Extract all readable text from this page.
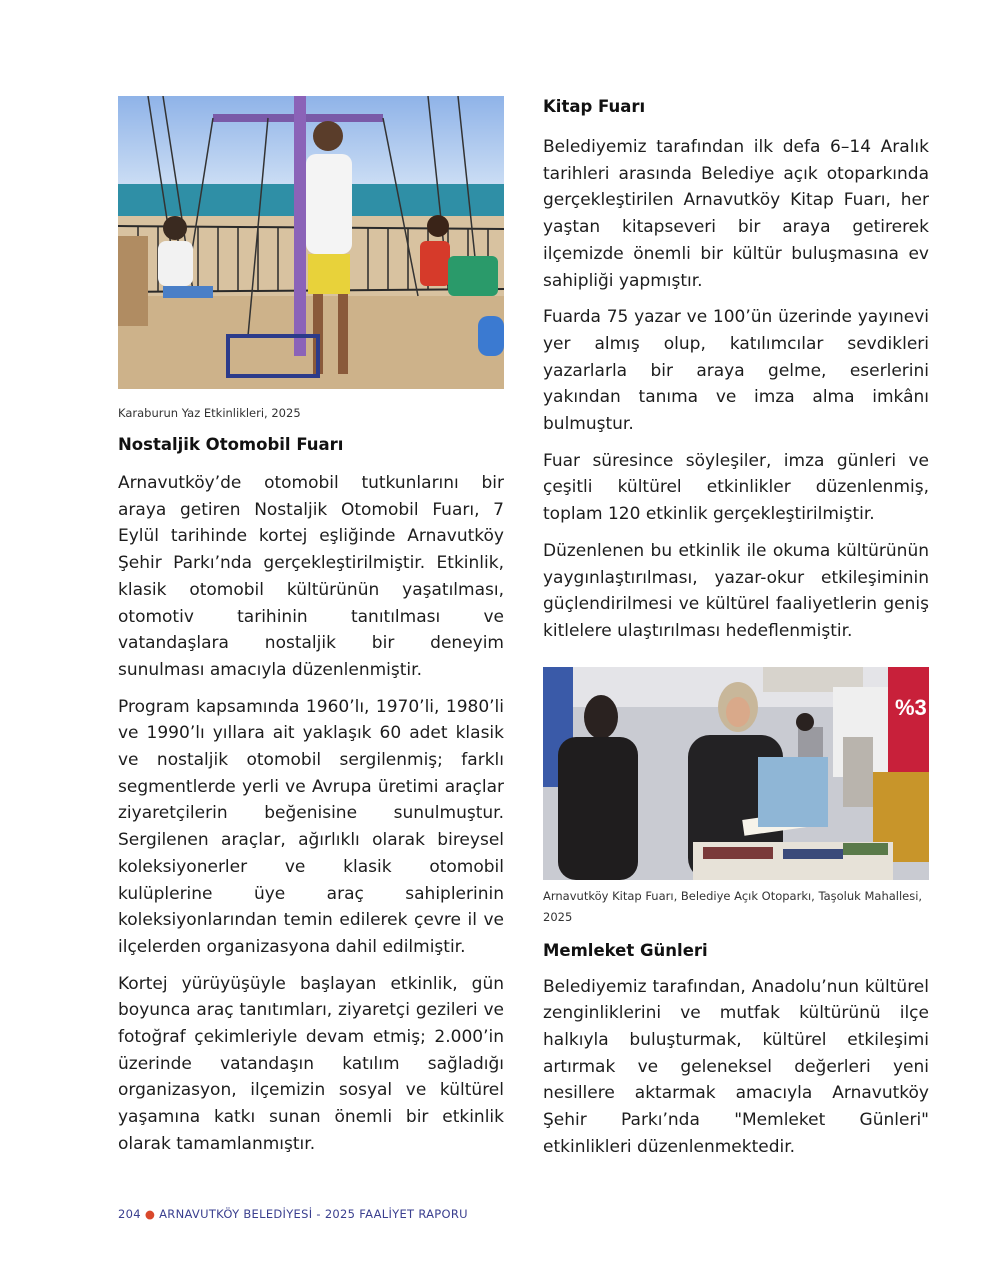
Karaburun Yaz Etkinlikleri, 2025
Nostaljik Otomobil Fuarı

Arnavutköy’de otomobil tutkunlarını bir araya getiren Nostaljik Otomobil Fuarı, 7 Eylül tarihinde kortej eşliğinde Arnavutköy Şehir Parkı’nda gerçekleştirilmiştir. Etkinlik, klasik otomobil kültürünün yaşatılması, otomotiv tarihinin tanıtılması ve vatandaşlara nostaljik bir deneyim sunulması amacıyla düzenlenmiştir.

Program kapsamında 1960’lı, 1970’li, 1980’li ve 1990’lı yıllara ait yaklaşık 60 adet klasik ve nostaljik otomobil sergilenmiş; farklı segmentlerde yerli ve Avrupa üretimi araçlar ziyaretçilerin beğenisine sunulmuştur. Sergilenen araçlar, ağırlıklı olarak bireysel koleksiyonerler ve klasik otomobil kulüplerine üye araç sahiplerinin koleksiyonlarından temin edilerek çevre il ve ilçelerden organizasyona dahil edilmiştir.

Kortej yürüyüşüyle başlayan etkinlik, gün boyunca araç tanıtımları, ziyaretçi gezileri ve fotoğraf çekimleriyle devam etmiş; 2.000’in üzerinde vatandaşın katılım sağladığı organizasyon, ilçemizin sosyal ve kültürel yaşamına katkı sunan önemli bir etkinlik olarak tamamlanmıştır.

Kitap Fuarı

Belediyemiz tarafından ilk defa 6–14 Aralık tarihleri arasında Belediye açık otoparkında gerçekleştirilen Arnavutköy Kitap Fuarı, her yaştan kitapseveri bir araya getirerek ilçemizde önemli bir kültür buluşmasına ev sahipliği yapmıştır.

Fuarda 75 yazar ve 100’ün üzerinde yayınevi yer almış olup, katılımcılar sevdikleri yazarlarla bir araya gelme, eserlerini yakından tanıma ve imza alma imkânı bulmuştur.

Fuar süresince söyleşiler, imza günleri ve çeşitli kültürel etkinlikler düzenlenmiş, toplam 120 etkinlik gerçekleştirilmiştir.

Düzenlenen bu etkinlik ile okuma kültürünün yaygınlaştırılması, yazar-okur etkileşiminin güçlendirilmesi ve kültürel faaliyetlerin geniş kitlelere ulaştırılması hedeflenmiştir.

%3
Arnavutköy Kitap Fuarı, Belediye Açık Otoparkı, Taşoluk Mahallesi, 2025
Memleket Günleri

Belediyemiz tarafından, Anadolu’nun kültürel zenginliklerini ve mutfak kültürünü ilçe halkıyla buluşturmak, kültürel etkileşimi artırmak ve geleneksel değerleri yeni nesillere aktarmak amacıyla Arnavutköy Şehir Parkı’nda "Memleket Günleri" etkinlikleri düzenlenmektedir.

204 ● ARNAVUTKÖY BELEDİYESİ - 2025 FAALİYET RAPORU
